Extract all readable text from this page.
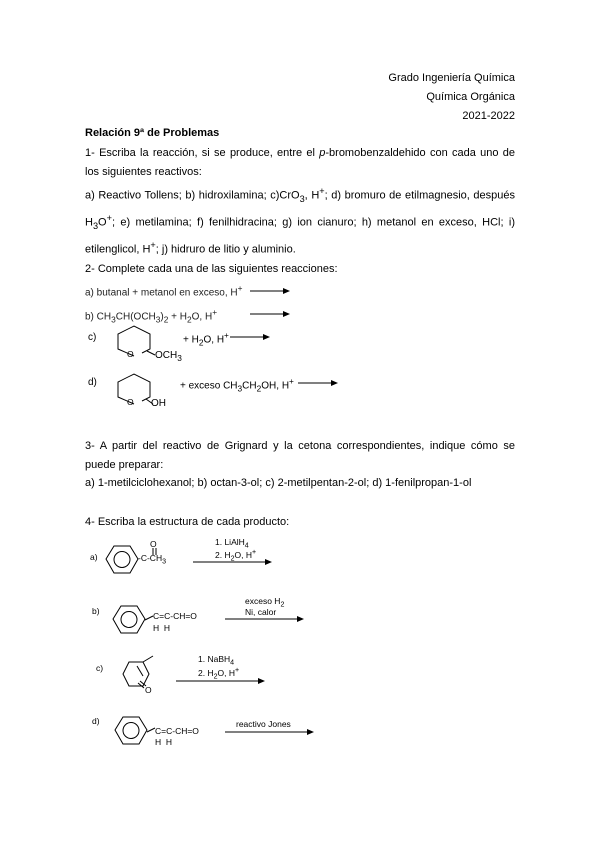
Grado Ingeniería Química
Química Orgánica
2021-2022
Relación 9ª de Problemas
1- Escriba la reacción, si se produce, entre el p-bromobenzaldehido con cada uno de los siguientes reactivos:
a) Reactivo Tollens; b) hidroxilamina; c)CrO$_3$, H+; d) bromuro de etilmagnesio, después $H_3O^+$; e) metilamina; f) fenilhidracina; g) ion cianuro; h) metanol en exceso, HCl; i) etilenglicol, H+; j) hidruro de litio y aluminio.
2- Complete cada una de las siguientes reacciones:
a) butanal + metanol en exceso, H+
b) $CH_3CH(OCH_3)_2 + H_2O$, H+
c)
O $OCH_3$
+ $H_2O$, H+
d)
O OH
+ exceso $CH_3CH_2OH$, H+
3- A partir del reactivo de Grignard y la cetona correspondientes, indique cómo se puede preparar:
a) 1-metilciclohexanol; b) octan-3-ol; c) 2-metilpentan-2-ol; d) 1-fenilpropan-1-ol
4- Escriba la estructura de cada producto:
a)
O
$-C-CH_3$
1. LiAlH$_4$
2. $H_2O$, H+
b)	C=C-CH=O
H  H
exceso $H_2$
Ni, calor
c)
O
1. NaBH$_4$
2. $H_2O$, H+
d)
C=C-CH=O
H  H
reactivo Jones
